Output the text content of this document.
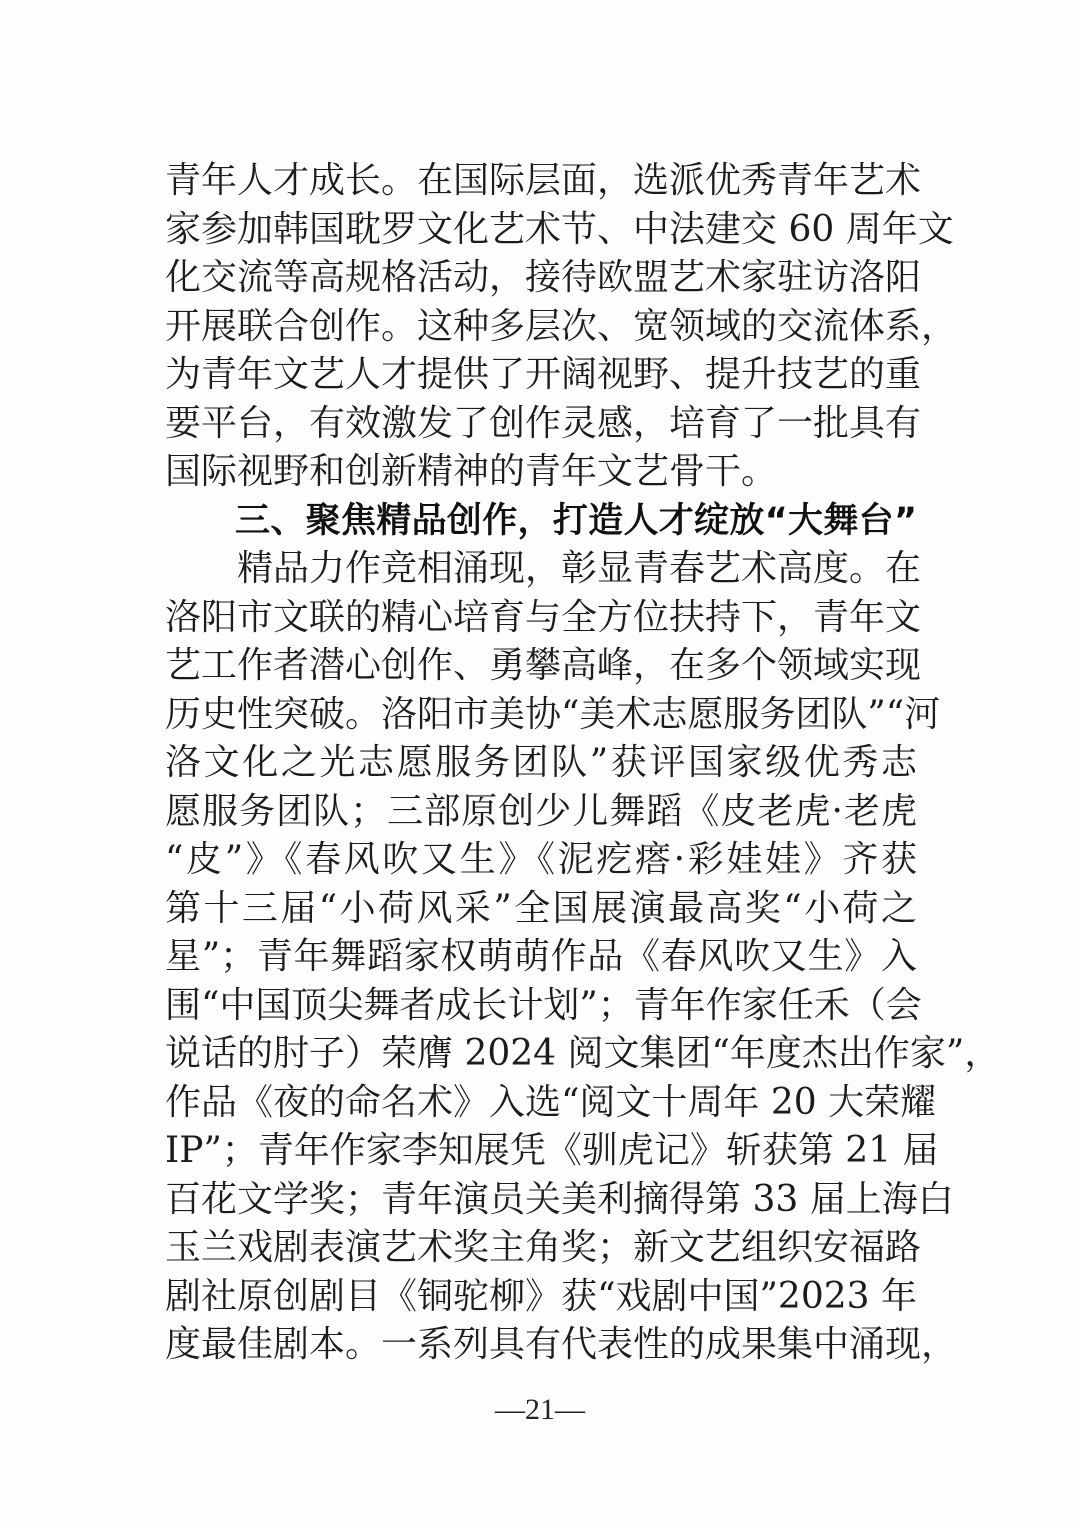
青年人才成长。在国际层面，选派优秀青年艺术
家参加韩国耽罗文化艺术节、中法建交 60 周年文
化交流等高规格活动，接待欧盟艺术家驻访洛阳
开展联合创作。这种多层次、宽领域的交流体系，
为青年文艺人才提供了开阔视野、提升技艺的重
要平台，有效激发了创作灵感，培育了一批具有
国际视野和创新精神的青年文艺骨干。
三、聚焦精品创作，打造人才绽放“大舞台”
精品力作竞相涌现，彰显青春艺术高度。在
洛阳市文联的精心培育与全方位扶持下，青年文
艺工作者潜心创作、勇攀高峰，在多个领域实现
历史性突破。洛阳市美协“美术志愿服务团队”“河
洛文化之光志愿服务团队”获评国家级优秀志
愿服务团队；三部原创少儿舞蹈《皮老虎·老虎
“皮”》《春风吹又生》《泥疙瘩·彩娃娃》齐获
第十三届“小荷风采”全国展演最高奖“小荷之
星”；青年舞蹈家权萌萌作品《春风吹又生》入
围“中国顶尖舞者成长计划”；青年作家任禾（会
说话的肘子）荣膺 2024 阅文集团“年度杰出作家”，
作品《夜的命名术》入选“阅文十周年 20 大荣耀
IP”；青年作家李知展凭《驯虎记》斩获第 21 届
百花文学奖；青年演员关美利摘得第 33 届上海白
玉兰戏剧表演艺术奖主角奖；新文艺组织安福路
剧社原创剧目《铜驼柳》获“戏剧中国”2023 年
度最佳剧本。一系列具有代表性的成果集中涌现，
—21—
